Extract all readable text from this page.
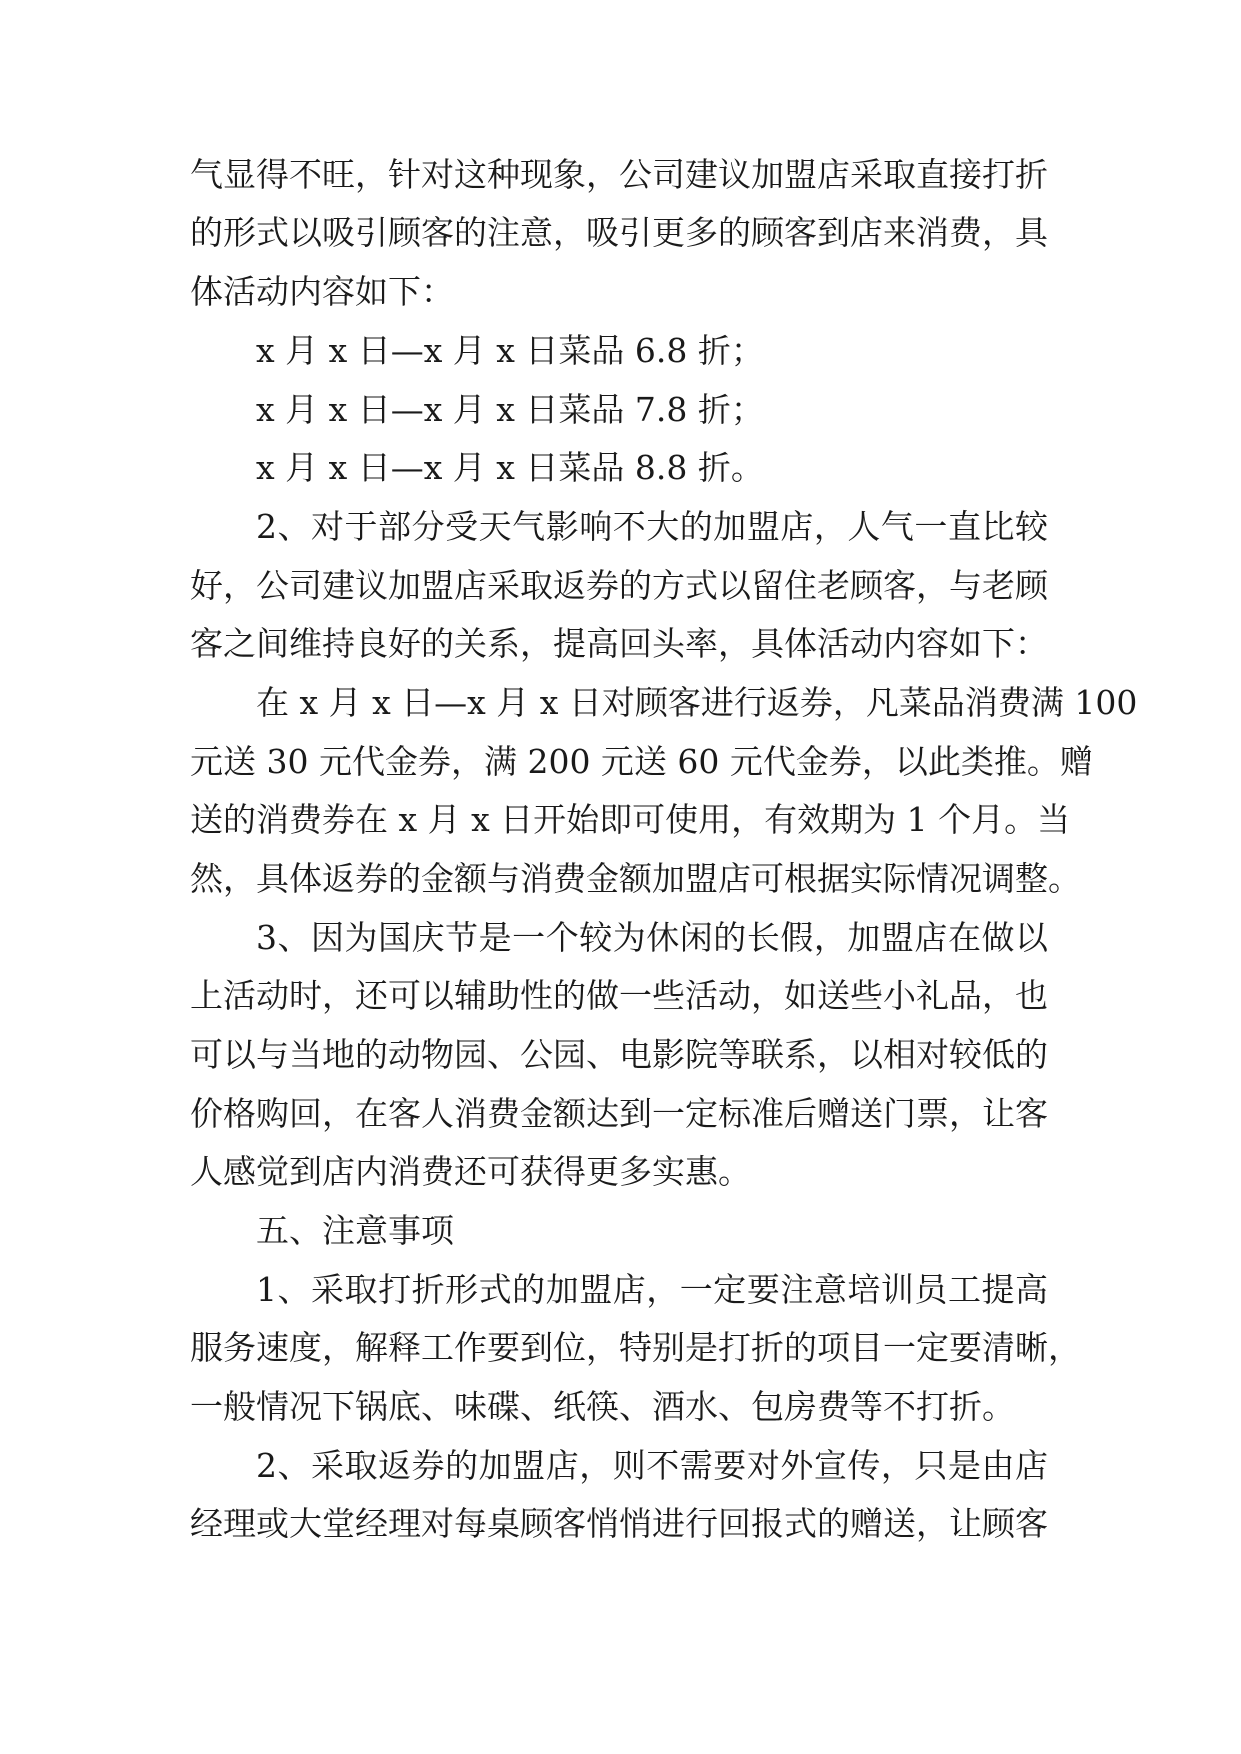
气显得不旺，针对这种现象，公司建议加盟店采取直接打折
的形式以吸引顾客的注意，吸引更多的顾客到店来消费，具
体活动内容如下：
x 月 x 日—x 月 x 日菜品 6.8 折；
x 月 x 日—x 月 x 日菜品 7.8 折；
x 月 x 日—x 月 x 日菜品 8.8 折。
2、对于部分受天气影响不大的加盟店，人气一直比较
好，公司建议加盟店采取返券的方式以留住老顾客，与老顾
客之间维持良好的关系，提高回头率，具体活动内容如下：
在 x 月 x 日—x 月 x 日对顾客进行返券，凡菜品消费满 100
元送 30 元代金券，满 200 元送 60 元代金券，以此类推。赠
送的消费券在 x 月 x 日开始即可使用，有效期为 1 个月。当
然，具体返券的金额与消费金额加盟店可根据实际情况调整。
3、因为国庆节是一个较为休闲的长假，加盟店在做以
上活动时，还可以辅助性的做一些活动，如送些小礼品，也
可以与当地的动物园、公园、电影院等联系，以相对较低的
价格购回，在客人消费金额达到一定标准后赠送门票，让客
人感觉到店内消费还可获得更多实惠。
五、注意事项
1、采取打折形式的加盟店，一定要注意培训员工提高
服务速度，解释工作要到位，特别是打折的项目一定要清晰，
一般情况下锅底、味碟、纸筷、酒水、包房费等不打折。
2、采取返券的加盟店，则不需要对外宣传，只是由店
经理或大堂经理对每桌顾客悄悄进行回报式的赠送，让顾客
